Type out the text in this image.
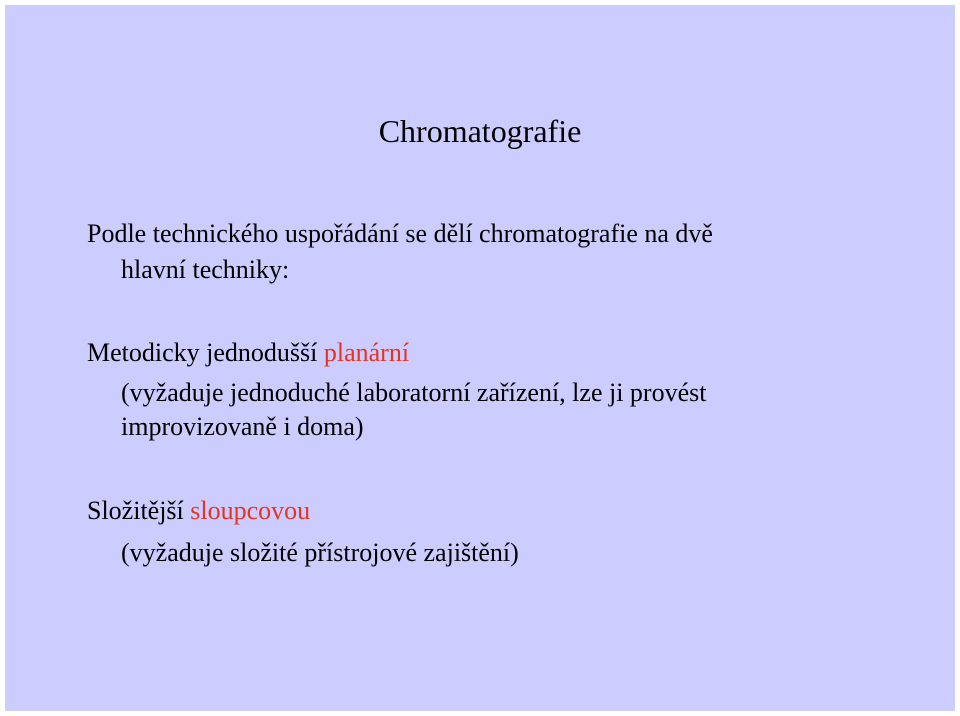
Chromatografie
Podle technického uspořádání se dělí chromatografie na dvě
hlavní techniky:
Metodicky jednodušší planární
(vyžaduje jednoduché laboratorní zařízení, lze ji provést
improvizovaně i doma)
Složitější sloupcovou
(vyžaduje složité přístrojové zajištění)
